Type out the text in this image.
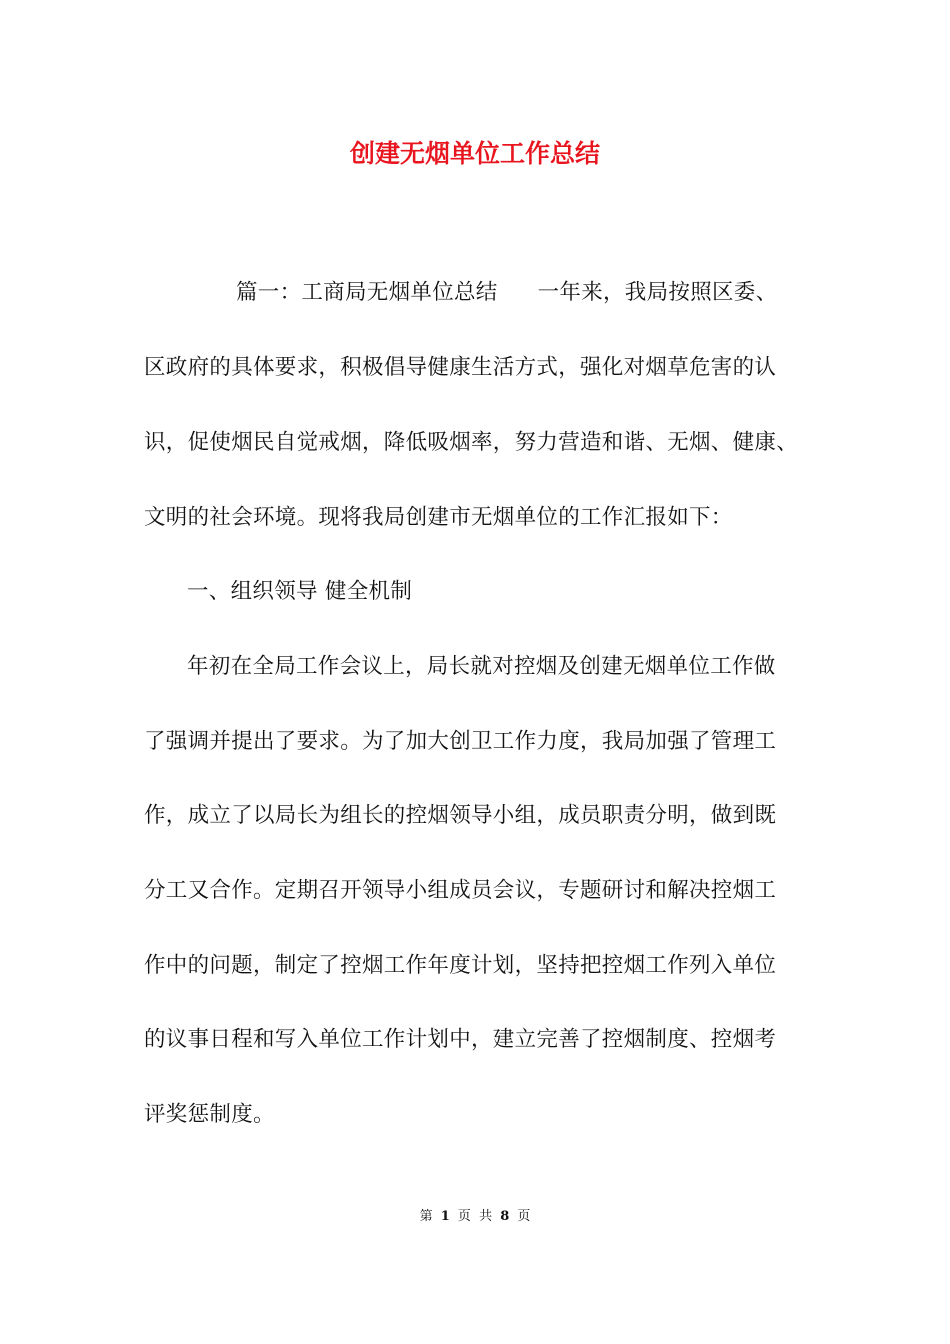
创建无烟单位工作总结
篇一：工商局无烟单位总结 一年来，我局按照区委、
区政府的具体要求，积极倡导健康生活方式，强化对烟草危害的认
识，促使烟民自觉戒烟，降低吸烟率，努力营造和谐、无烟、健康、
文明的社会环境。现将我局创建市无烟单位的工作汇报如下：
一、组织领导 健全机制
年初在全局工作会议上，局长就对控烟及创建无烟单位工作做
了强调并提出了要求。为了加大创卫工作力度，我局加强了管理工
作，成立了以局长为组长的控烟领导小组，成员职责分明，做到既
分工又合作。定期召开领导小组成员会议，专题研讨和解决控烟工
作中的问题，制定了控烟工作年度计划，坚持把控烟工作列入单位
的议事日程和写入单位工作计划中，建立完善了控烟制度、控烟考
评奖惩制度。
第 1 页 共 8 页
